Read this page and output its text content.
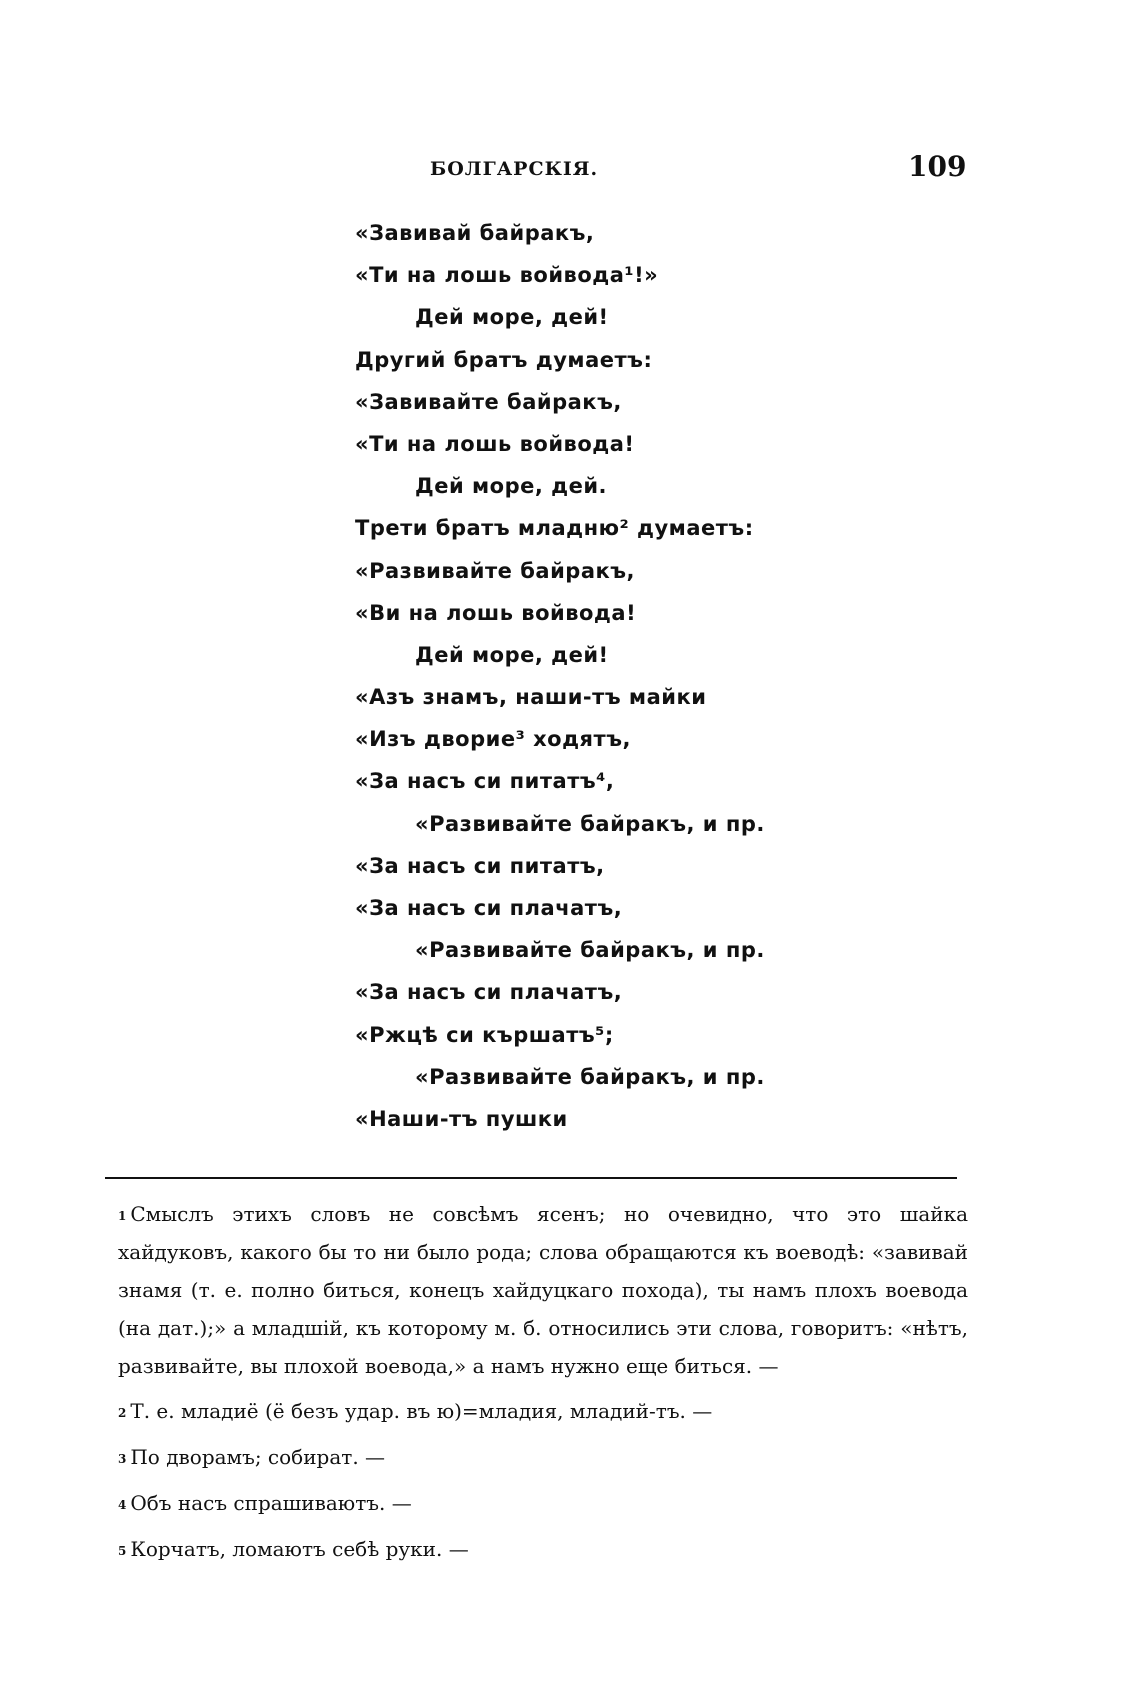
БОЛГАРСКІЯ.	109
«Завивай байракъ,
«Ти на лошь войвода¹!»
Дей море, дей!
Другий братъ думаетъ:
«Завивайте байракъ,
«Ти на лошь войвода!
Дей море, дей.
Трети братъ младню² думаетъ:
«Развивайте байракъ,
«Ви на лошь войвода!
Дей море, дей!
«Азъ знамъ, наши-тъ майки
«Изъ дворие³ ходятъ,
«За насъ си питатъ⁴,
«Развивайте байракъ, и пр.
«За насъ си питатъ,
«За насъ си плачатъ,
«Развивайте байракъ, и пр.
«За насъ си плачатъ,
«Ржцѣ си кършатъ⁵;
«Развивайте байракъ, и пр.
«Наши-тъ пушки
$^1$ Смыслъ этихъ словъ не совсѣмъ ясенъ; но очевидно, что это шайка хайдуковъ, какого бы то ни было рода; слова обращаются къ воеводѣ: «завивай знамя (т. е. полно биться, конецъ хайдуцкаго похода), ты намъ плохъ воевода (на дат.);» а младшій, къ которому м. б. относились эти слова, говоритъ: «нѣтъ, развивайте, вы плохой воевода,» а намъ нужно еще биться. —
$^2$ Т. е. младиё (ё безъ удар. въ ю)=младия, младий-тъ. —
$^3$ По дворамъ; собират. —
$^4$ Объ насъ спрашиваютъ. —
$^5$ Корчатъ, ломаютъ себѣ руки. —
